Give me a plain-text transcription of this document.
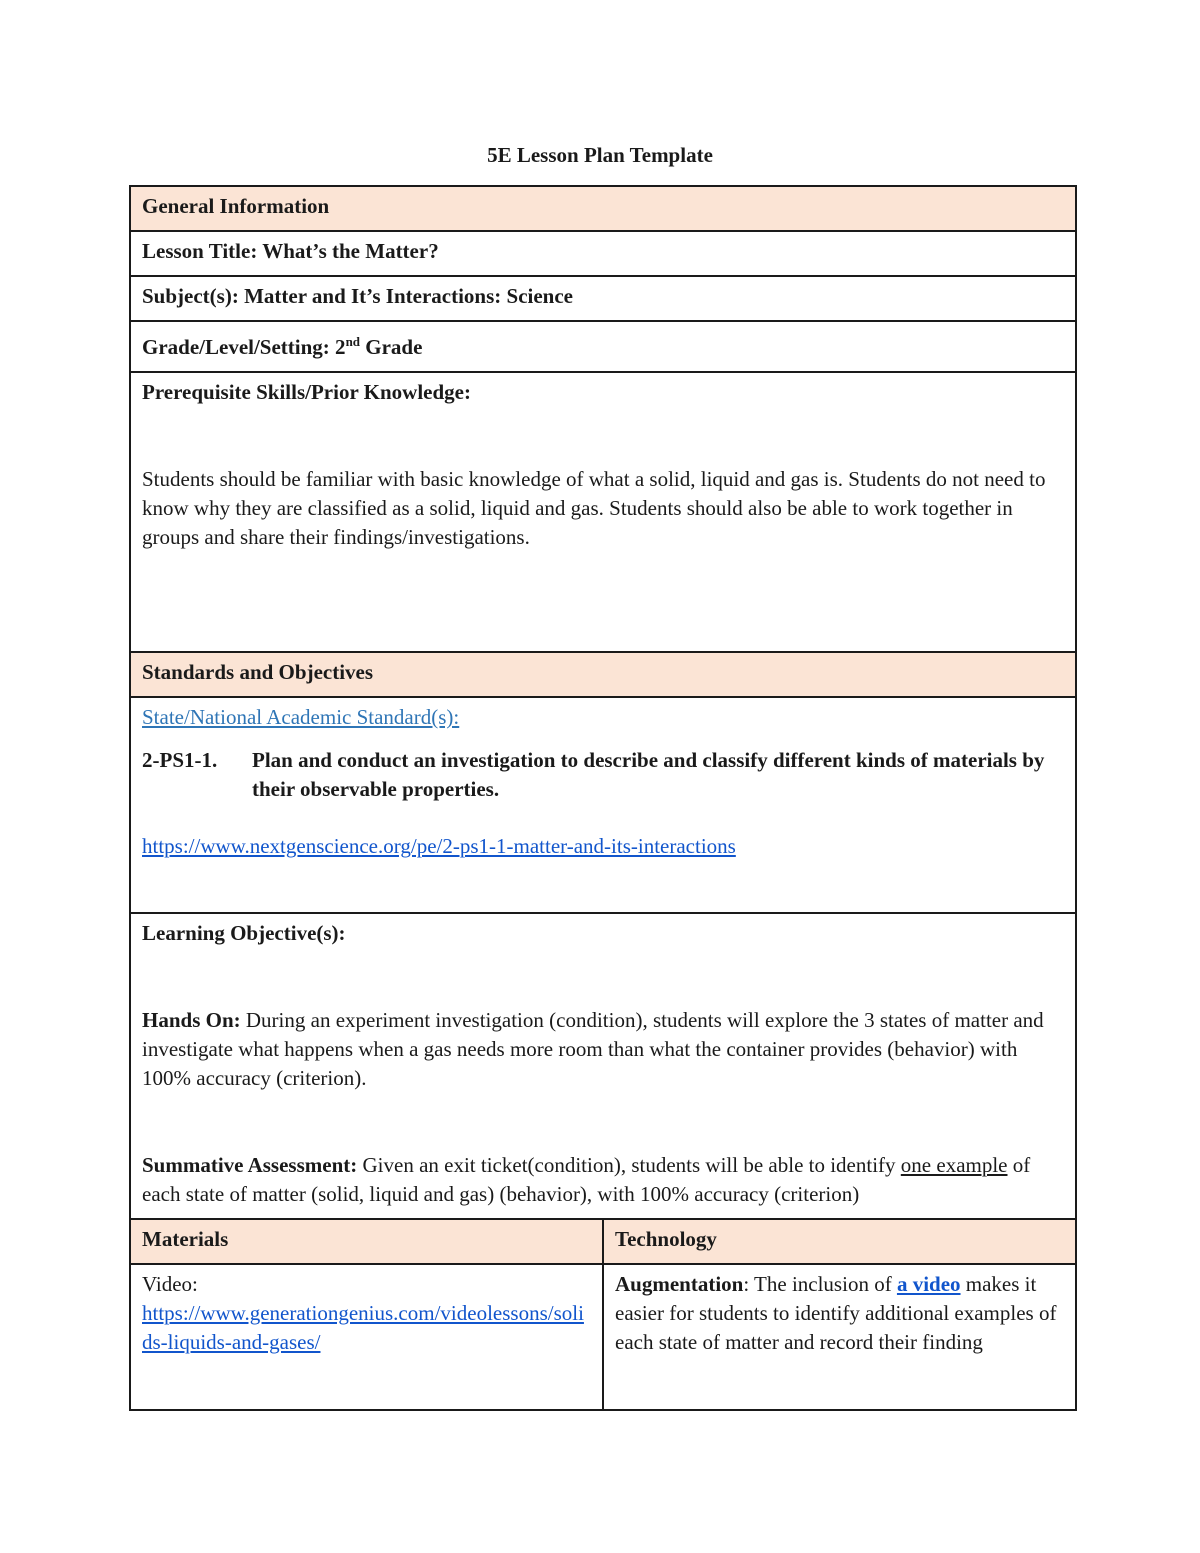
5E Lesson Plan Template
General Information	
Lesson Title: What’s the Matter?	
Subject(s): Matter and It’s Interactions: Science	
Grade/Level/Setting: 2nd Grade	

Prerequisite Skills/Prior Knowledge:
Students should be familiar with basic knowledge of what a solid, liquid and gas is. Students do not need to know why they are classified as a solid, liquid and gas. Students should also be able to work together in groups and share their findings/investigations.	

Standards and Objectives	

State/National Academic Standard(s):
2-PS1-1. Plan and conduct an investigation to describe and classify different kinds of materials by their observable properties.
https://www.nextgenscience.org/pe/2-ps1-1-matter-and-its-interactions	

Learning Objective(s):
Hands On: During an experiment investigation (condition), students will explore the 3 states of matter and investigate what happens when a gas needs more room than what the container provides (behavior) with 100% accuracy (criterion).
Summative Assessment: Given an exit ticket(condition), students will be able to identify one example of each state of matter (solid, liquid and gas) (behavior), with 100% accuracy (criterion)	

Materials	Technology

Video:
https://www.generationgenius.com/videolessons/solids-liquids-and-gases/	Augmentation: The inclusion of a video makes it easier for students to identify additional examples of each state of matter and record their finding
